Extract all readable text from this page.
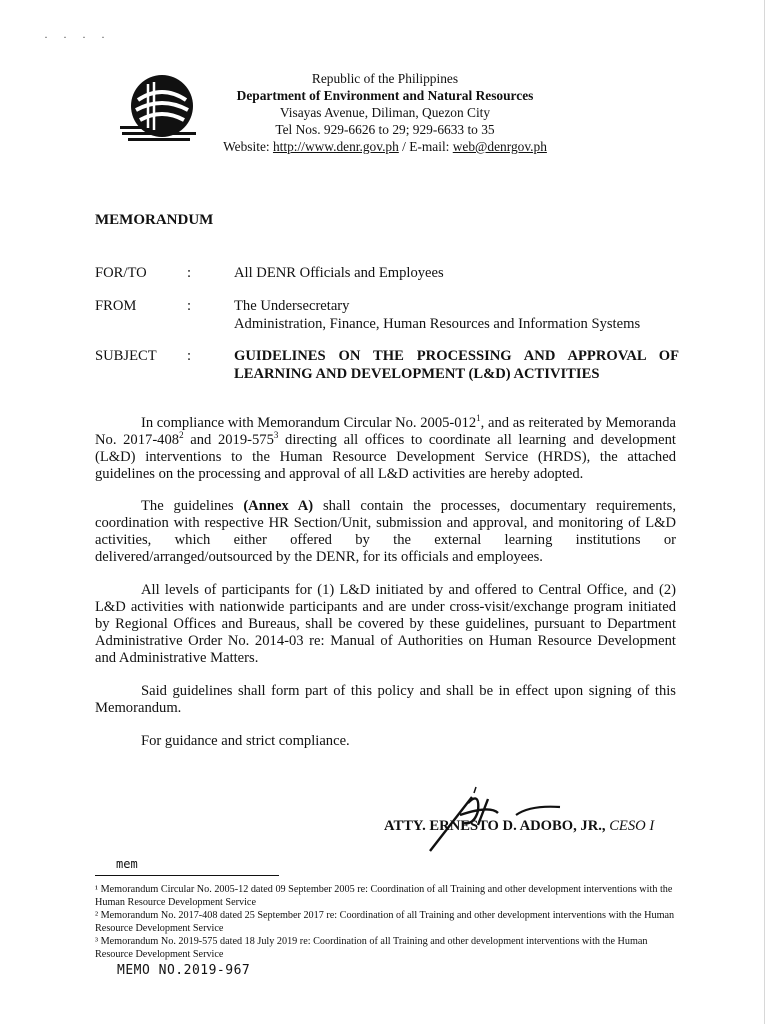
· · · ·
Republic of the Philippines
Department of Environment and Natural Resources
Visayas Avenue, Diliman, Quezon City
Tel Nos. 929-6626 to 29; 929-6633 to 35
Website: http://www.denr.gov.ph / E-mail: web@denrgov.ph
MEMORANDUM
FOR/TO	:	All DENR Officials and Employees
FROM	:	The Undersecretary
Administration, Finance, Human Resources and Information Systems
SUBJECT :	GUIDELINES ON THE PROCESSING AND APPROVAL OF LEARNING AND DEVELOPMENT (L&D) ACTIVITIES
In compliance with Memorandum Circular No. $2005-012^1$, and as reiterated by Memoranda No. $2017-408^2$ and $2019-575^3$ directing all offices to coordinate all learning and development (L&D) interventions to the Human Resource Development Service (HRDS), the attached guidelines on the processing and approval of all L&D activities are hereby adopted.
The guidelines (Annex A) shall contain the processes, documentary requirements, coordination with respective HR Section/Unit, submission and approval, and monitoring of L&D activities, which either offered by the external learning institutions or delivered/arranged/outsourced by the DENR, for its officials and employees.
All levels of participants for (1) L&D initiated by and offered to Central Office, and (2) L&D activities with nationwide participants and are under cross-visit/exchange program initiated by Regional Offices and Bureaus, shall be covered by these guidelines, pursuant to Department Administrative Order No. 2014-03 re: Manual of Authorities on Human Resource Development and Administrative Matters.
Said guidelines shall form part of this policy and shall be in effect upon signing of this Memorandum.
For guidance and strict compliance.
ATTY. ERNESTO D. ADOBO, JR., CESO I
mem
¹ Memorandum Circular No. 2005-12 dated 09 September 2005 re: Coordination of all Training and other development interventions with the Human Resource Development Service
² Memorandum No. 2017-408 dated 25 September 2017 re: Coordination of all Training and other development interventions with the Human Resource Development Service
³ Memorandum No. 2019-575 dated 18 July 2019 re: Coordination of all Training and other development interventions with the Human Resource Development Service
MEMO NO.2019-967
